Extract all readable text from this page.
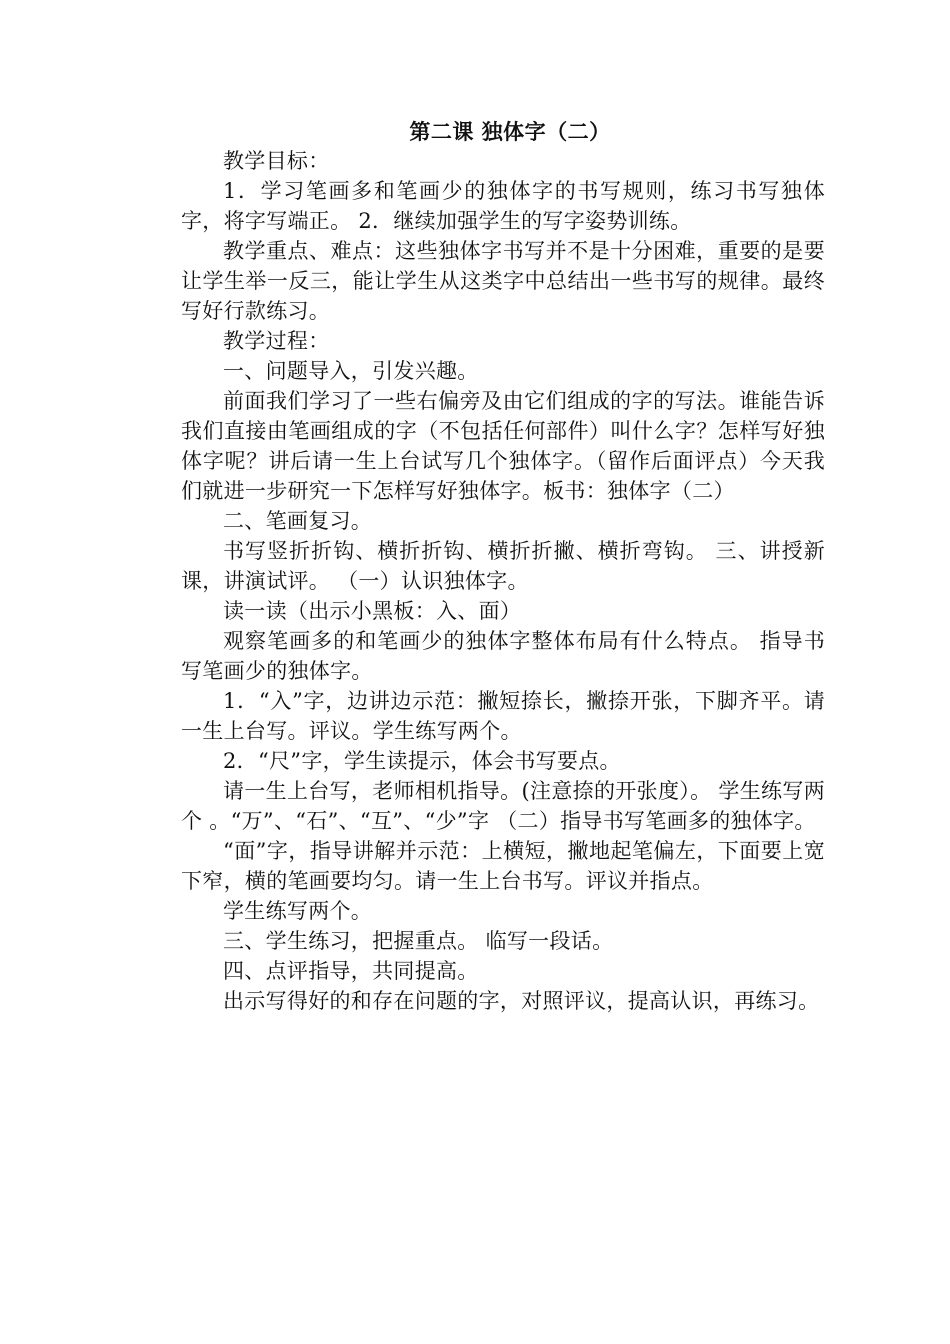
第二课 独体字（二）

教学目标：

1．学习笔画多和笔画少的独体字的书写规则，练习书写独体字，将字写端正。 2．继续加强学生的写字姿势训练。

教学重点、难点：这些独体字书写并不是十分困难，重要的是要让学生举一反三，能让学生从这类字中总结出一些书写的规律。最终写好行款练习。

教学过程：

一、问题导入，引发兴趣。

前面我们学习了一些右偏旁及由它们组成的字的写法。谁能告诉我们直接由笔画组成的字（不包括任何部件）叫什么字？怎样写好独体字呢？讲后请一生上台试写几个独体字。（留作后面评点）今天我们就进一步研究一下怎样写好独体字。板书：独体字（二）

二、笔画复习。

书写竖折折钩、横折折钩、横折折撇、横折弯钩。 三、讲授新课，讲演试评。 （一）认识独体字。

读一读（出示小黑板：入、面）

观察笔画多的和笔画少的独体字整体布局有什么特点。 指导书写笔画少的独体字。

1．“入”字，边讲边示范：撇短捺长，撇捺开张，下脚齐平。请一生上台写。评议。学生练写两个。

2．“尺”字，学生读提示，体会书写要点。

请一生上台写，老师相机指导。(注意捺的开张度）。 学生练写两个 。“万”、“石”、“互”、“少”字 （二）指导书写笔画多的独体字。

“面”字，指导讲解并示范：上横短，撇地起笔偏左，下面要上宽下窄，横的笔画要均匀。请一生上台书写。评议并指点。

学生练写两个。

三、学生练习，把握重点。 临写一段话。

四、点评指导，共同提高。

出示写得好的和存在问题的字，对照评议，提高认识，再练习。
